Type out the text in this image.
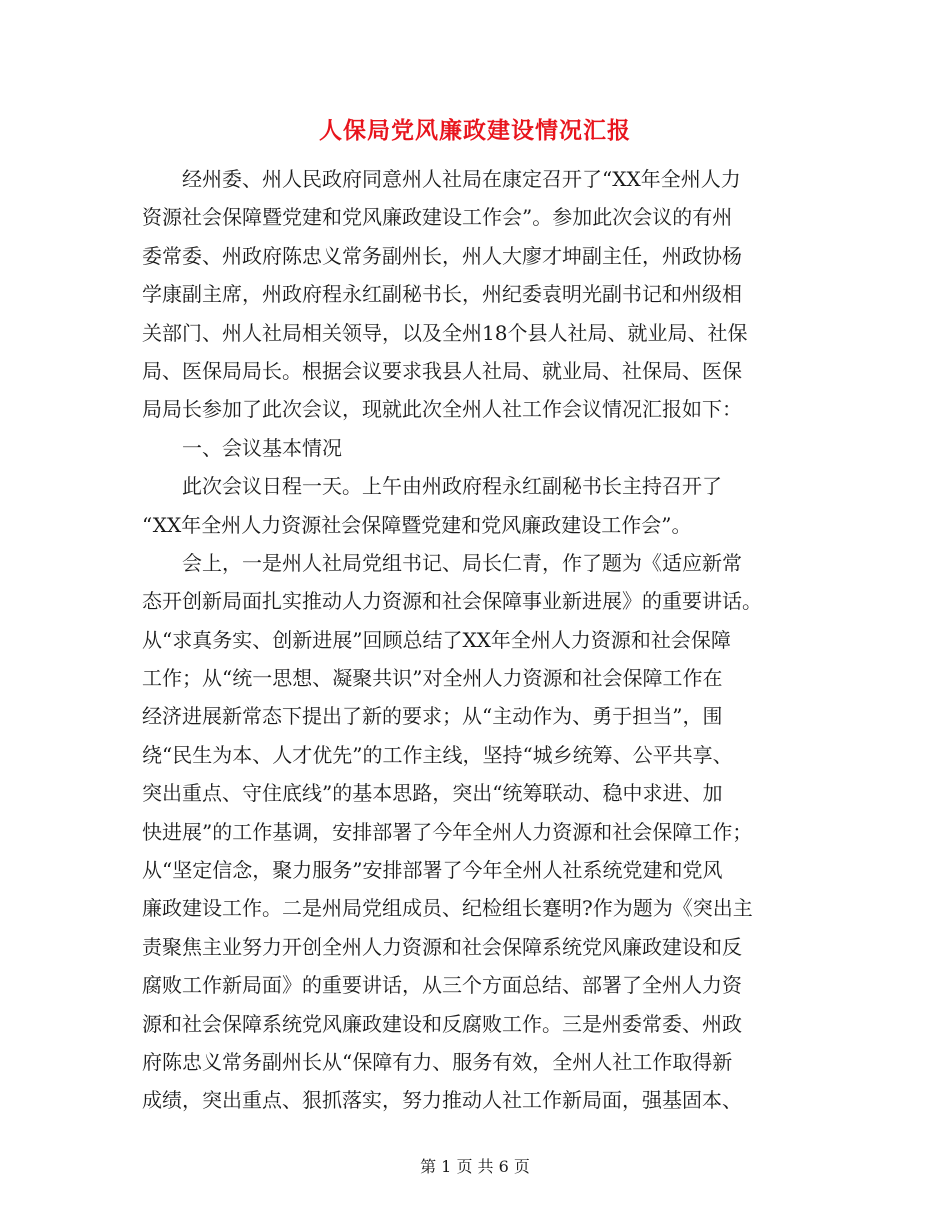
人保局党风廉政建设情况汇报
　　经州委、州人民政府同意州人社局在康定召开了“XX年全州人力
资源社会保障暨党建和党风廉政建设工作会”。参加此次会议的有州
委常委、州政府陈忠义常务副州长，州人大廖才坤副主任，州政协杨
学康副主席，州政府程永红副秘书长，州纪委袁明光副书记和州级相
关部门、州人社局相关领导，以及全州18个县人社局、就业局、社保
局、医保局局长。根据会议要求我县人社局、就业局、社保局、医保
局局长参加了此次会议，现就此次全州人社工作会议情况汇报如下：
　　一、会议基本情况
　　此次会议日程一天。上午由州政府程永红副秘书长主持召开了
“XX年全州人力资源社会保障暨党建和党风廉政建设工作会”。
　　会上，一是州人社局党组书记、局长仁青，作了题为《适应新常
态开创新局面扎实推动人力资源和社会保障事业新进展》的重要讲话。
从“求真务实、创新进展”回顾总结了XX年全州人力资源和社会保障
工作；从“统一思想、凝聚共识”对全州人力资源和社会保障工作在
经济进展新常态下提出了新的要求；从“主动作为、勇于担当”，围
绕“民生为本、人才优先”的工作主线，坚持“城乡统筹、公平共享、
突出重点、守住底线”的基本思路，突出“统筹联动、稳中求进、加
快进展”的工作基调，安排部署了今年全州人力资源和社会保障工作；
从“坚定信念，聚力服务”安排部署了今年全州人社系统党建和党风
廉政建设工作。二是州局党组成员、纪检组长蹇明?作为题为《突出主
责聚焦主业努力开创全州人力资源和社会保障系统党风廉政建设和反
腐败工作新局面》的重要讲话，从三个方面总结、部署了全州人力资
源和社会保障系统党风廉政建设和反腐败工作。三是州委常委、州政
府陈忠义常务副州长从“保障有力、服务有效，全州人社工作取得新
成绩，突出重点、狠抓落实，努力推动人社工作新局面，强基固本、
第 1 页 共 6 页
